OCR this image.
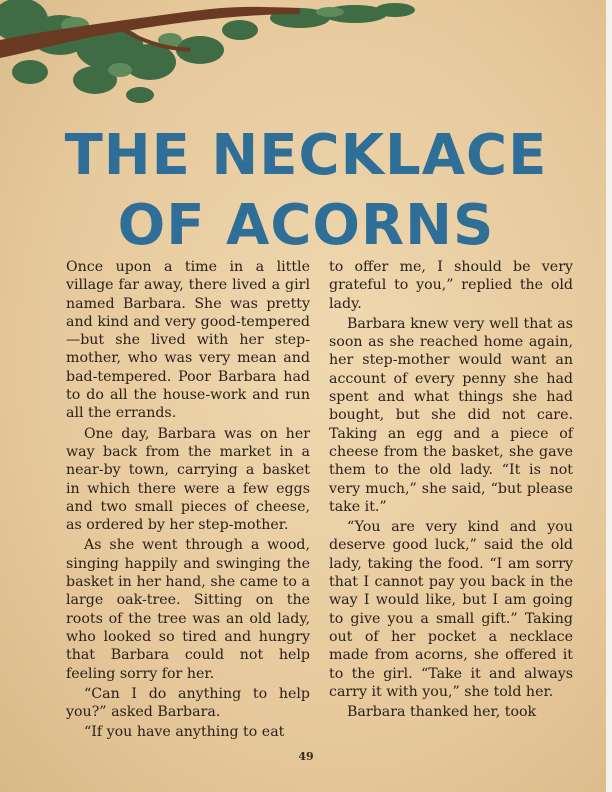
THE NECKLACE
OF ACORNS

Once upon a time in a little village far away, there lived a girl named Barbara. She was pretty and kind and very good-tempered—but she lived with her step-mother, who was very mean and bad-tempered. Poor Barbara had to do all the house-work and run all the errands.

One day, Barbara was on her way back from the market in a near-by town, carrying a basket in which there were a few eggs and two small pieces of cheese, as ordered by her step-mother.

As she went through a wood, singing happily and swinging the basket in her hand, she came to a large oak-tree. Sitting on the roots of the tree was an old lady, who looked so tired and hungry that Barbara could not help feeling sorry for her.

“Can I do anything to help you?” asked Barbara.

“If you have anything to eat

to offer me, I should be very grateful to you,” replied the old lady.

Barbara knew very well that as soon as she reached home again, her step-mother would want an account of every penny she had spent and what things she had bought, but she did not care. Taking an egg and a piece of cheese from the basket, she gave them to the old lady. “It is not very much,” she said, “but please take it.”

“You are very kind and you deserve good luck,” said the old lady, taking the food. “I am sorry that I cannot pay you back in the way I would like, but I am going to give you a small gift.” Taking out of her pocket a necklace made from acorns, she offered it to the girl. “Take it and always carry it with you,” she told her.

Barbara thanked her, took

49
